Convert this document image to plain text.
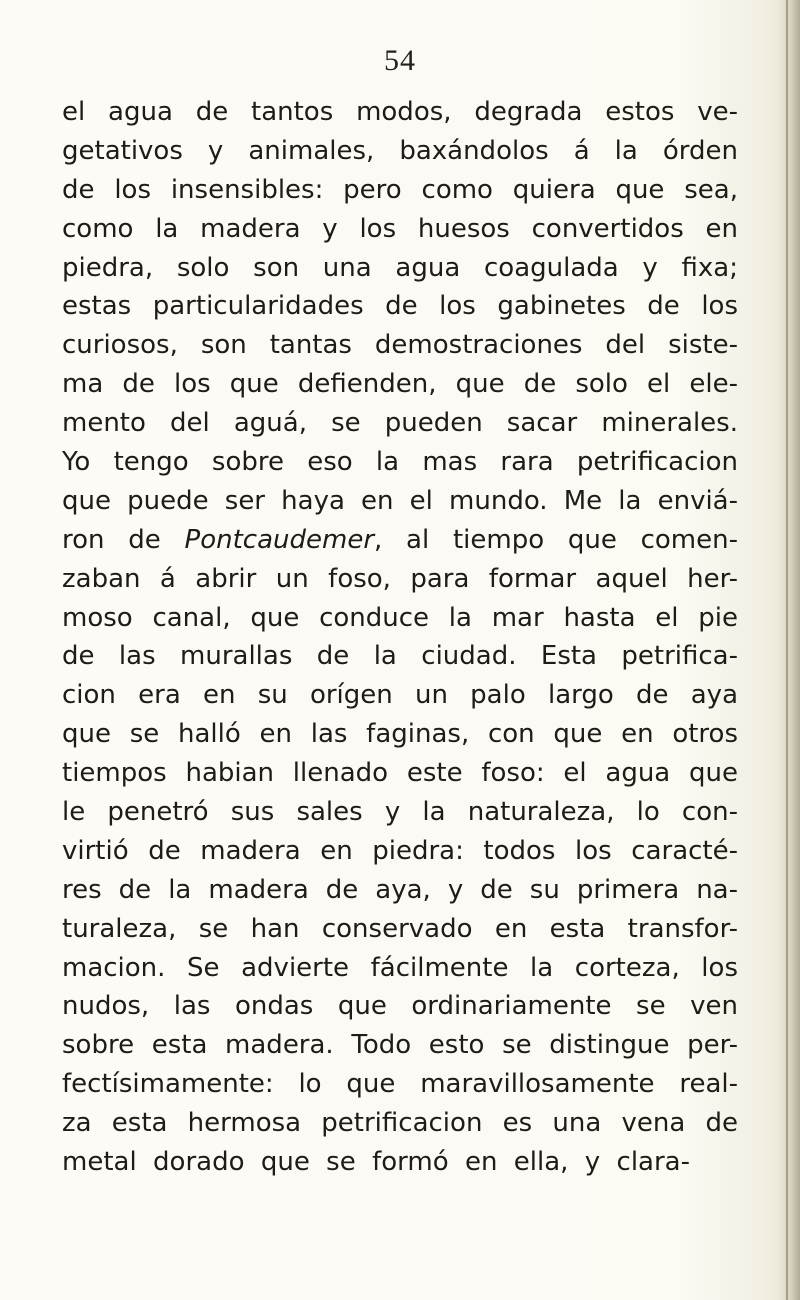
54
el agua de tantos modos, degrada estos ve-
getativos y animales, baxándolos á la órden
de los insensibles: pero como quiera que sea,
como la madera y los huesos convertidos en
piedra, solo son una agua coagulada y fixa;
estas particularidades de los gabinetes de los
curiosos, son tantas demostraciones del siste-
ma de los que defienden, que de solo el ele-
mento del aguá, se pueden sacar minerales.
Yo tengo sobre eso la mas rara petrificacion
que puede ser haya en el mundo. Me la enviá-
ron de Pontcaudemer, al tiempo que comen-
zaban á abrir un foso, para formar aquel her-
moso canal, que conduce la mar hasta el pie
de las murallas de la ciudad. Esta petrifica-
cion era en su orígen un palo largo de aya
que se halló en las faginas, con que en otros
tiempos habian llenado este foso: el agua que
le penetró sus sales y la naturaleza, lo con-
virtió de madera en piedra: todos los caracté-
res de la madera de aya, y de su primera na-
turaleza, se han conservado en esta transfor-
macion. Se advierte fácilmente la corteza, los
nudos, las ondas que ordinariamente se ven
sobre esta madera. Todo esto se distingue per-
fectísimamente: lo que maravillosamente real-
za esta hermosa petrificacion es una vena de
metal dorado que se formó en ella, y clara-
